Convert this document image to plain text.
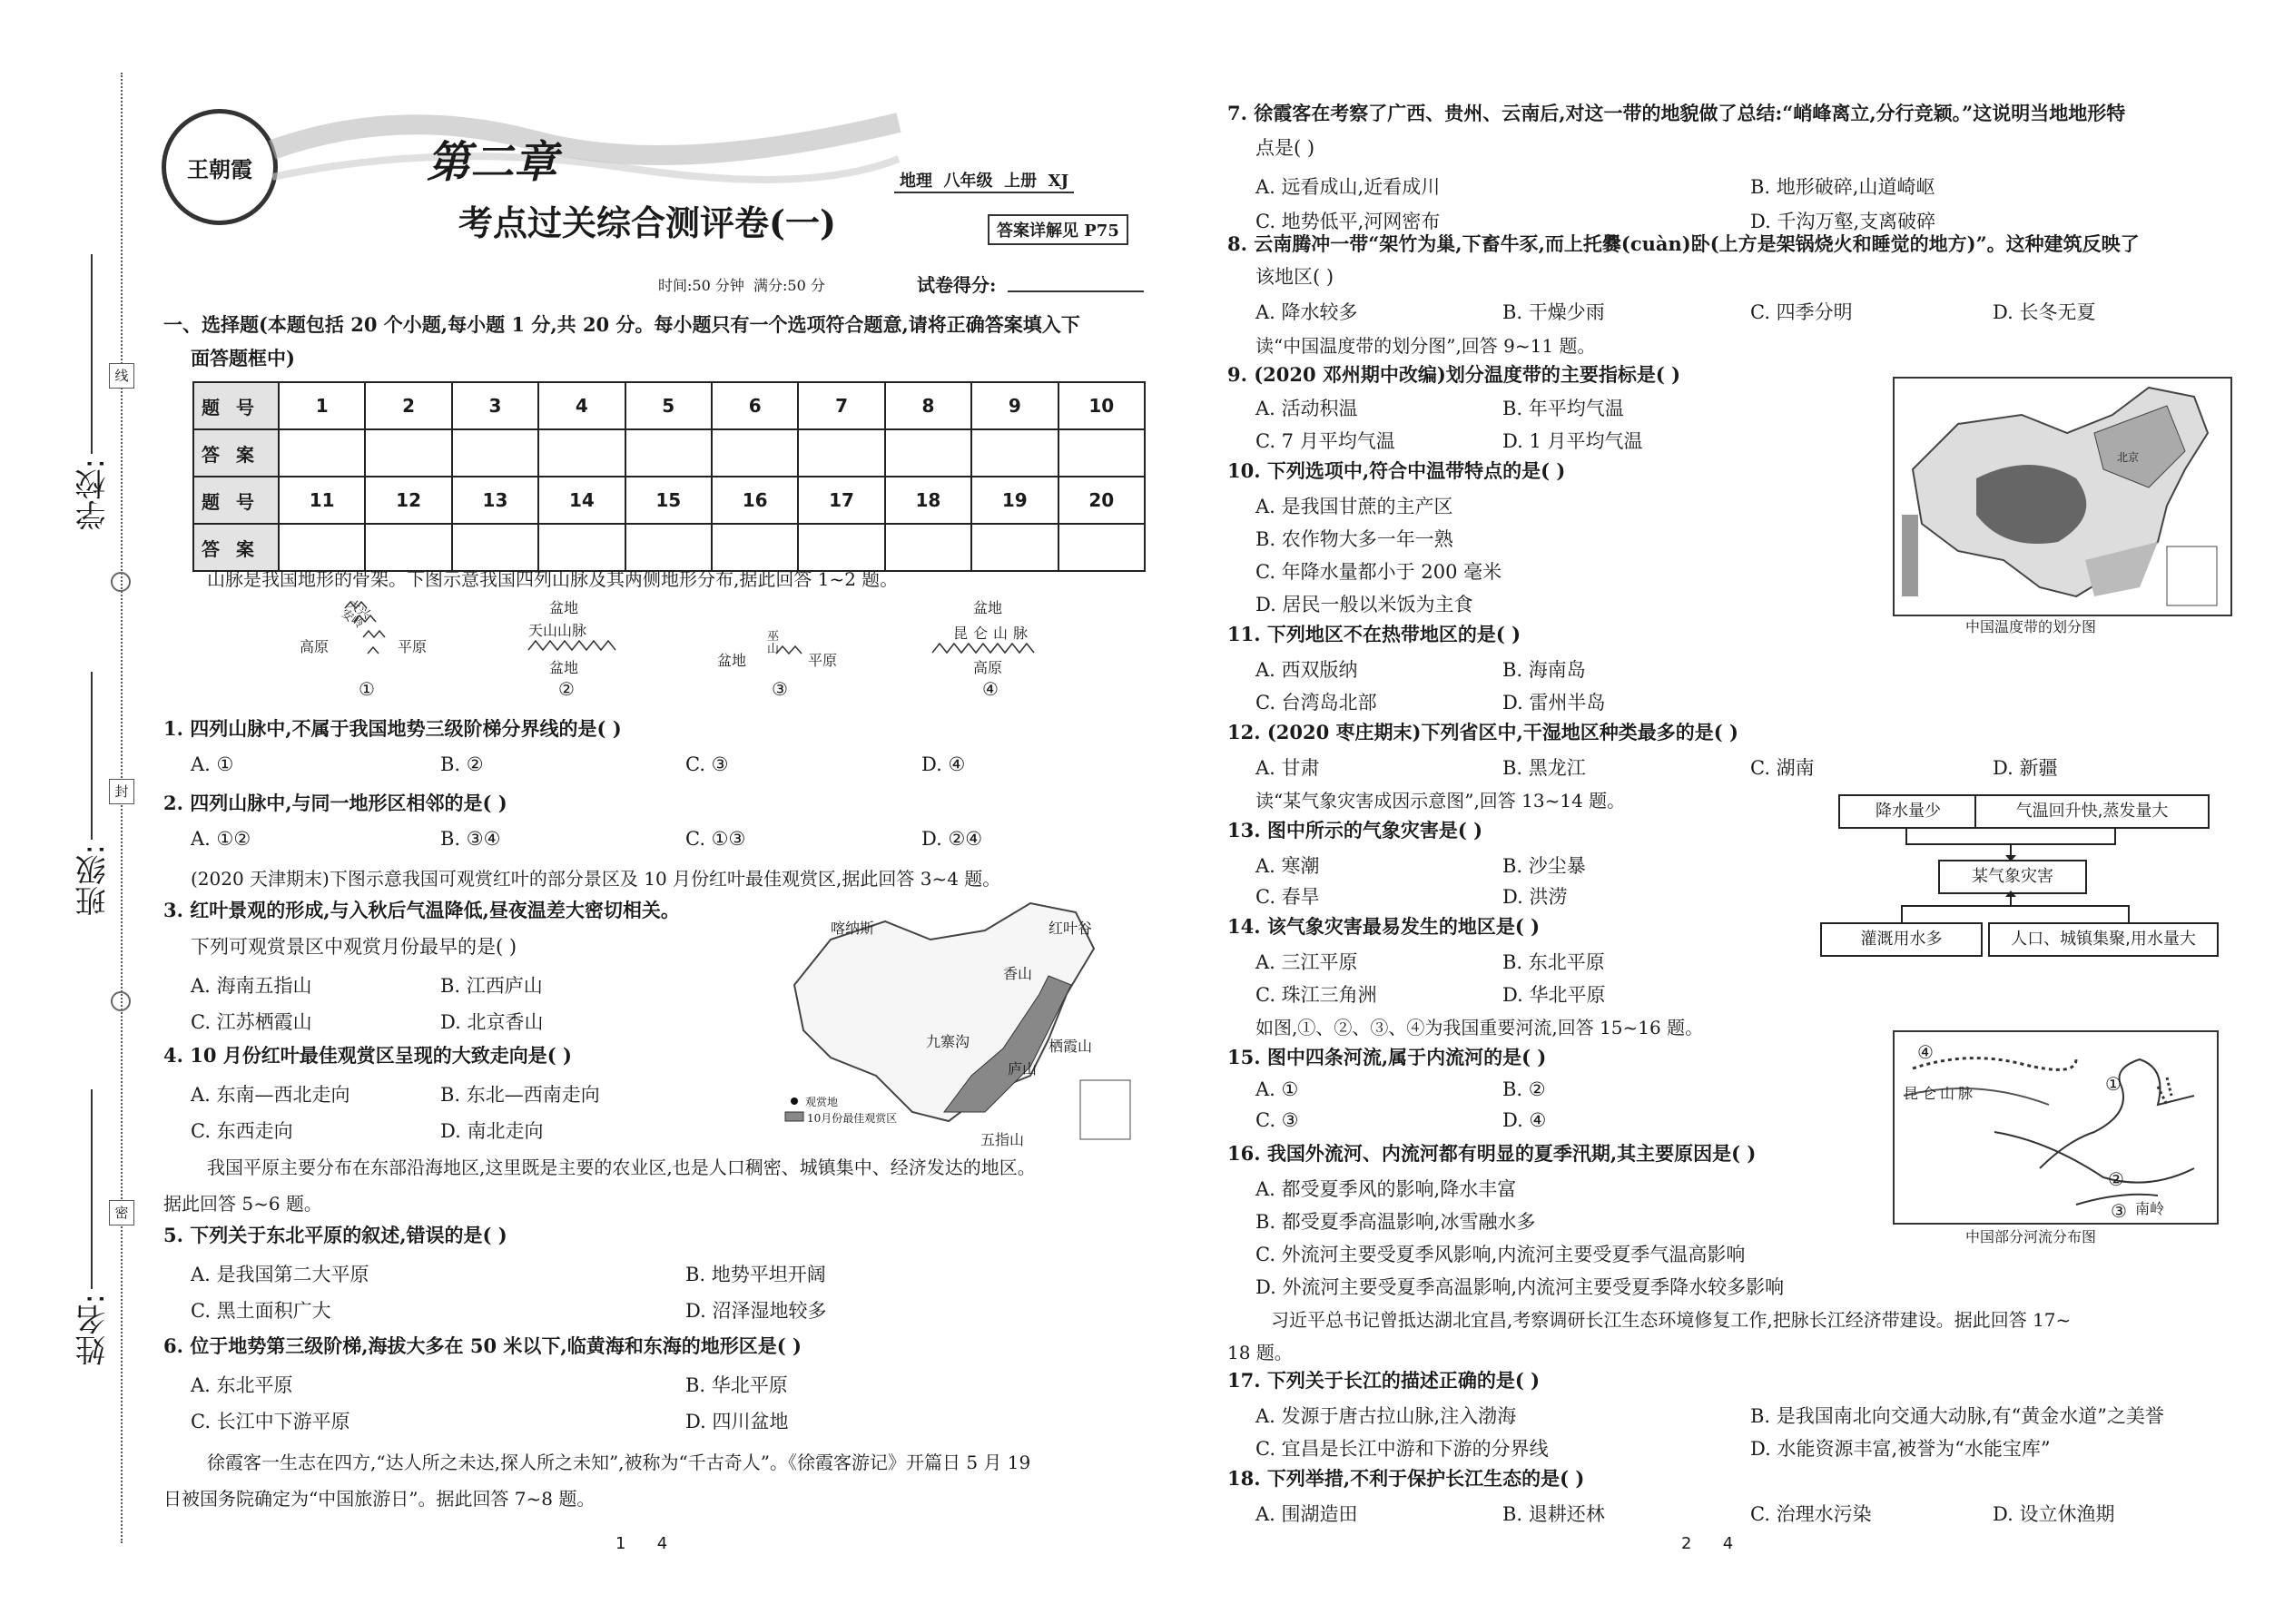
学校:
班级:
姓名:
线
封
密
王朝霞	第二章	地理  八年级  上册  XJ
考点过关综合测评卷(一)	答案详解见 P75
时间:50 分钟  满分:50 分	试卷得分:
一、选择题(本题包括 20 个小题,每小题 1 分,共 20 分。每小题只有一个选项符合题意,请将正确答案填入下
面答题框中)
题号	1	2	3	4	5	6	7	8	9	10
答案										
题号	11	12	13	14	15	16	17	18	19	20
答案										
山脉是我国地形的骨架。下图示意我国四列山脉及其两侧地形分布,据此回答 1~2 题。
高原	平原
大兴安岭
①
盆地
天山山脉
盆地
②
盆地
巫山
平原
③
盆地
昆仑山脉
高原
④
1. 四列山脉中,不属于我国地势三级阶梯分界线的是( )
A. ①	B. ②	C. ③	D. ④
2. 四列山脉中,与同一地形区相邻的是( )
A. ①②	B. ③④	C. ①③	D. ②④
(2020 天津期末)下图示意我国可观赏红叶的部分景区及 10 月份红叶最佳观赏区,据此回答 3~4 题。
3. 红叶景观的形成,与入秋后气温降低,昼夜温差大密切相关。
下列可观赏景区中观赏月份最早的是( )
A. 海南五指山	B. 江西庐山
C. 江苏栖霞山	D. 北京香山
4. 10 月份红叶最佳观赏区呈现的大致走向是( )
A. 东南—西北走向	B. 东北—西南走向
C. 东西走向	D. 南北走向
喀纳斯	红叶谷
香山
栖霞山
庐山
九寨沟
五指山
观赏地
10月份最佳观赏区
我国平原主要分布在东部沿海地区,这里既是主要的农业区,也是人口稠密、城镇集中、经济发达的地区。
据此回答 5~6 题。
5. 下列关于东北平原的叙述,错误的是( )
A. 是我国第二大平原	B. 地势平坦开阔
C. 黑土面积广大	D. 沼泽湿地较多
6. 位于地势第三级阶梯,海拔大多在 50 米以下,临黄海和东海的地形区是( )
A. 东北平原	B. 华北平原
C. 长江中下游平原	D. 四川盆地
徐霞客一生志在四方,“达人所之未达,探人所之未知”,被称为“千古奇人”。《徐霞客游记》开篇日 5 月 19
日被国务院确定为“中国旅游日”。据此回答 7~8 题。
1      4
7. 徐霞客在考察了广西、贵州、云南后,对这一带的地貌做了总结:“峭峰离立,分行竞颖。”这说明当地地形特
点是( )
A. 远看成山,近看成川	B. 地形破碎,山道崎岖
C. 地势低平,河网密布	D. 千沟万壑,支离破碎
8. 云南腾冲一带“架竹为巢,下畜牛豕,而上托爨(cuàn)卧(上方是架锅烧火和睡觉的地方)”。这种建筑反映了
该地区( )
A. 降水较多	B. 干燥少雨	C. 四季分明	D. 长冬无夏
读“中国温度带的划分图”,回答 9~11 题。
9. (2020 邓州期中改编)划分温度带的主要指标是( )
A. 活动积温	B. 年平均气温
C. 7 月平均气温	D. 1 月平均气温
10. 下列选项中,符合中温带特点的是( )
A. 是我国甘蔗的主产区
B. 农作物大多一年一熟
C. 年降水量都小于 200 毫米
D. 居民一般以米饭为主食
北京
中国温度带的划分图
11. 下列地区不在热带地区的是( )
A. 西双版纳	B. 海南岛
C. 台湾岛北部	D. 雷州半岛
12. (2020 枣庄期末)下列省区中,干湿地区种类最多的是( )
A. 甘肃	B. 黑龙江	C. 湖南	D. 新疆
读“某气象灾害成因示意图”,回答 13~14 题。	降水量少	气温回升快,蒸发量大
某气象灾害
灌溉用水多	人口、城镇集聚,用水量大
13. 图中所示的气象灾害是( )
A. 寒潮	B. 沙尘暴
C. 春旱	D. 洪涝
14. 该气象灾害最易发生的地区是( )
A. 三江平原	B. 东北平原
C. 珠江三角洲	D. 华北平原
如图,①、②、③、④为我国重要河流,回答 15~16 题。
15. 图中四条河流,属于内流河的是( )
A. ①	B. ②
C. ③	D. ④
④
昆仑山脉	①
②
③ 南岭
中国部分河流分布图
16. 我国外流河、内流河都有明显的夏季汛期,其主要原因是( )
A. 都受夏季风的影响,降水丰富
B. 都受夏季高温影响,冰雪融水多
C. 外流河主要受夏季风影响,内流河主要受夏季气温高影响
D. 外流河主要受夏季高温影响,内流河主要受夏季降水较多影响
习近平总书记曾抵达湖北宜昌,考察调研长江生态环境修复工作,把脉长江经济带建设。据此回答 17~
18 题。
17. 下列关于长江的描述正确的是( )
A. 发源于唐古拉山脉,注入渤海	B. 是我国南北向交通大动脉,有“黄金水道”之美誉
C. 宜昌是长江中游和下游的分界线	D. 水能资源丰富,被誉为“水能宝库”
18. 下列举措,不利于保护长江生态的是( )
A. 围湖造田	B. 退耕还林	C. 治理水污染	D. 设立休渔期
2      4
